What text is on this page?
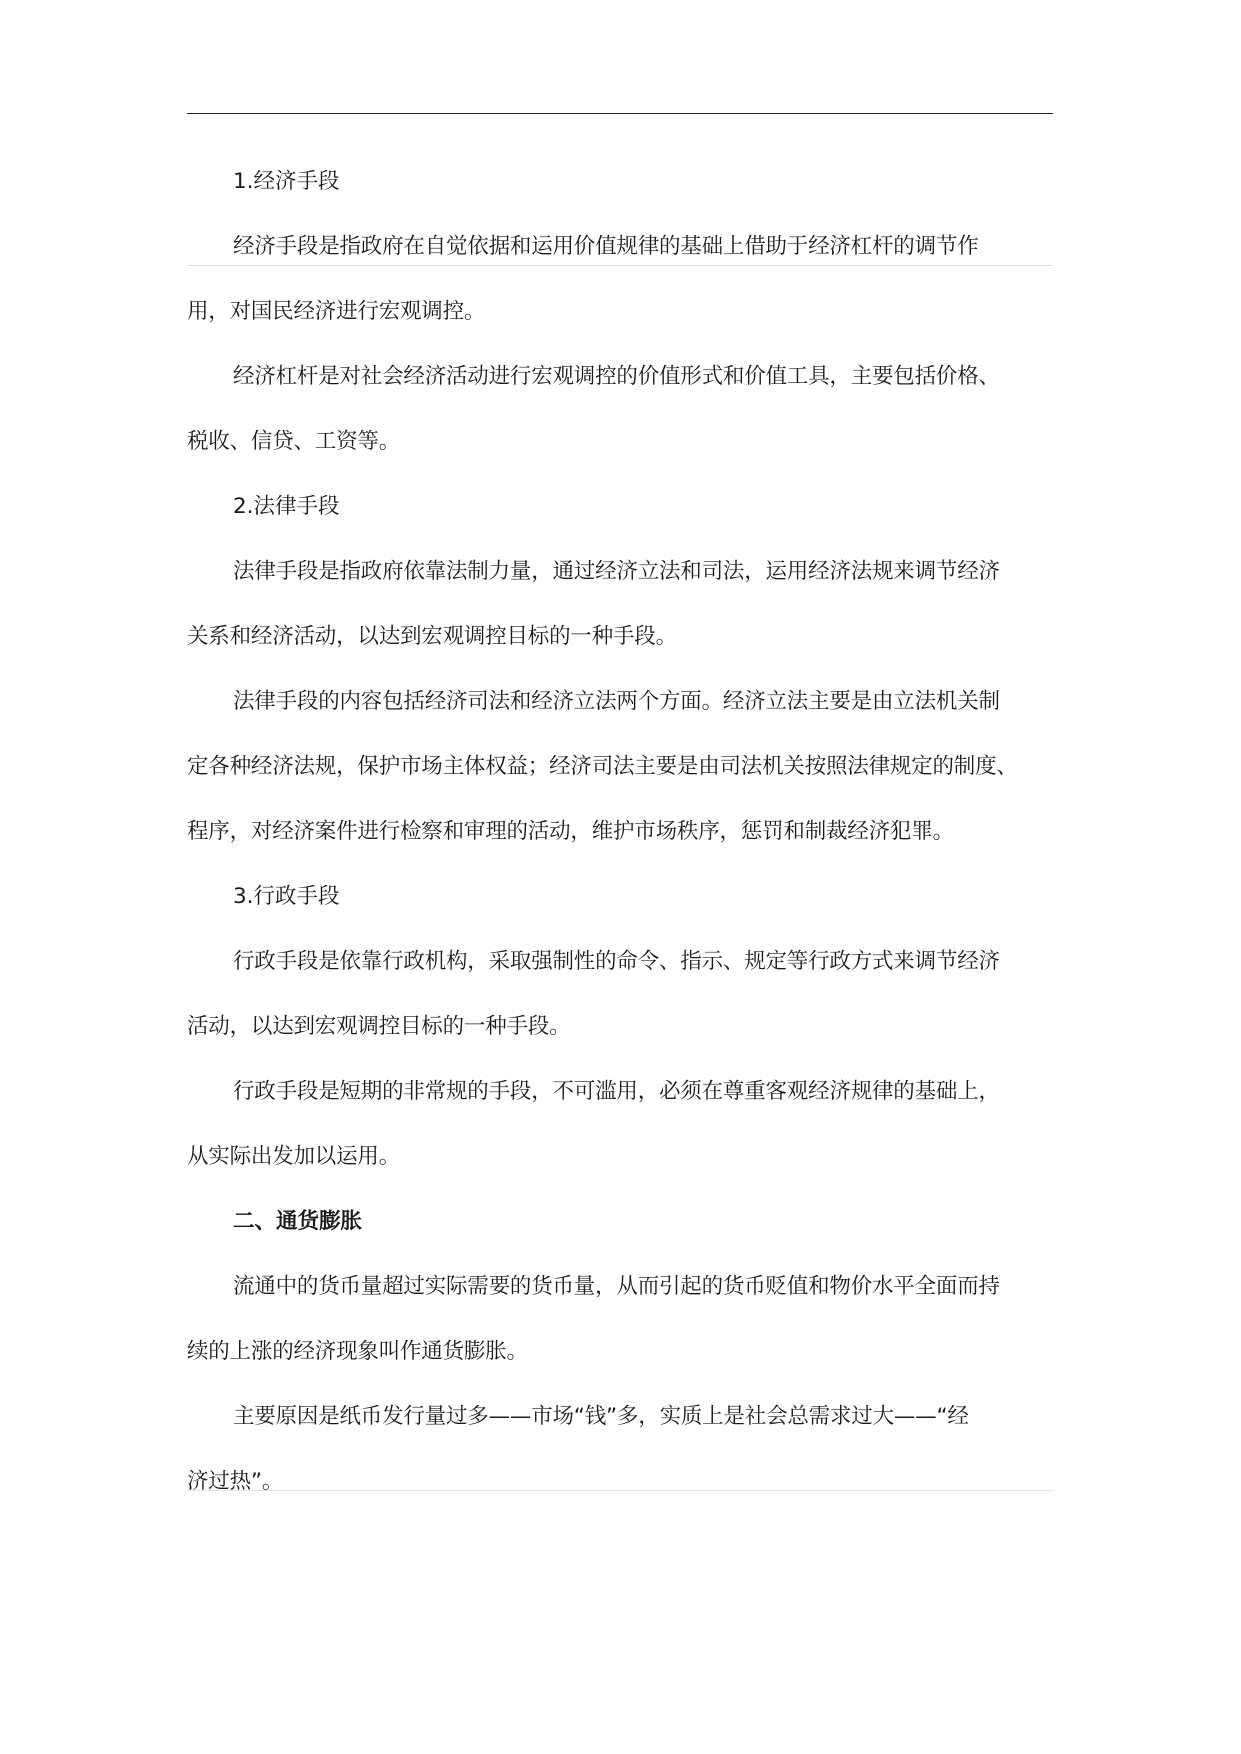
1.经济手段

经济手段是指政府在自觉依据和运用价值规律的基础上借助于经济杠杆的调节作
用，对国民经济进行宏观调控。

经济杠杆是对社会经济活动进行宏观调控的价值形式和价值工具，主要包括价格、
税收、信贷、工资等。

2.法律手段

法律手段是指政府依靠法制力量，通过经济立法和司法，运用经济法规来调节经济
关系和经济活动，以达到宏观调控目标的一种手段。

法律手段的内容包括经济司法和经济立法两个方面。经济立法主要是由立法机关制
定各种经济法规，保护市场主体权益；经济司法主要是由司法机关按照法律规定的制度、
程序，对经济案件进行检察和审理的活动，维护市场秩序，惩罚和制裁经济犯罪。

3.行政手段

行政手段是依靠行政机构，采取强制性的命令、指示、规定等行政方式来调节经济
活动，以达到宏观调控目标的一种手段。

行政手段是短期的非常规的手段，不可滥用，必须在尊重客观经济规律的基础上，
从实际出发加以运用。

二、通货膨胀

流通中的货币量超过实际需要的货币量，从而引起的货币贬值和物价水平全面而持
续的上涨的经济现象叫作通货膨胀。

主要原因是纸币发行量过多——市场“钱”多，实质上是社会总需求过大——“经
济过热”。
